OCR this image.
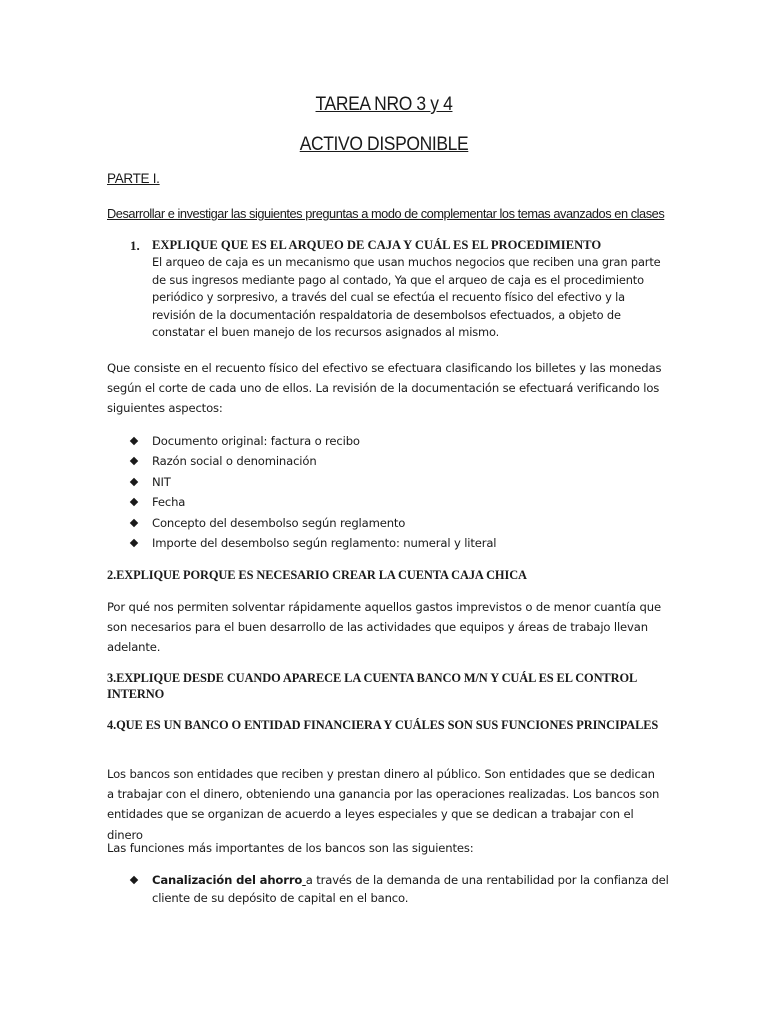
TAREA NRO 3 y 4
ACTIVO DISPONIBLE
PARTE I.
Desarrollar e investigar las siguientes preguntas a modo de complementar los temas avanzados en clases
1. EXPLIQUE QUE ES EL ARQUEO DE CAJA Y CUÁL ES EL PROCEDIMIENTO
El arqueo de caja es un mecanismo que usan muchos negocios que reciben una gran parte de sus ingresos mediante pago al contado, Ya que el arqueo de caja es el procedimiento periódico y sorpresivo, a través del cual se efectúa el recuento físico del efectivo y la revisión de la documentación respaldatoria de desembolsos efectuados, a objeto de constatar el buen manejo de los recursos asignados al mismo.
Que consiste en el recuento físico del efectivo se efectuara clasificando los billetes y las monedas según el corte de cada uno de ellos. La revisión de la documentación se efectuará verificando los siguientes aspectos:
Documento original: factura o recibo
Razón social o denominación
NIT
Fecha
Concepto del desembolso según reglamento
Importe del desembolso según reglamento: numeral y literal
2.EXPLIQUE PORQUE ES NECESARIO CREAR LA CUENTA CAJA CHICA
Por qué nos permiten solventar rápidamente aquellos gastos imprevistos o de menor cuantía que son necesarios para el buen desarrollo de las actividades que equipos y áreas de trabajo llevan adelante.
3.EXPLIQUE DESDE CUANDO APARECE LA CUENTA BANCO M/N Y CUÁL ES EL CONTROL INTERNO
4.QUE ES UN BANCO O ENTIDAD FINANCIERA Y CUÁLES SON SUS FUNCIONES PRINCIPALES
Los bancos son entidades que reciben y prestan dinero al público. Son entidades que se dedican a trabajar con el dinero, obteniendo una ganancia por las operaciones realizadas. Los bancos son entidades que se organizan de acuerdo a leyes especiales y que se dedican a trabajar con el dinero
Las funciones más importantes de los bancos son las siguientes:
Canalización del ahorro a través de la demanda de una rentabilidad por la confianza del cliente de su depósito de capital en el banco.
